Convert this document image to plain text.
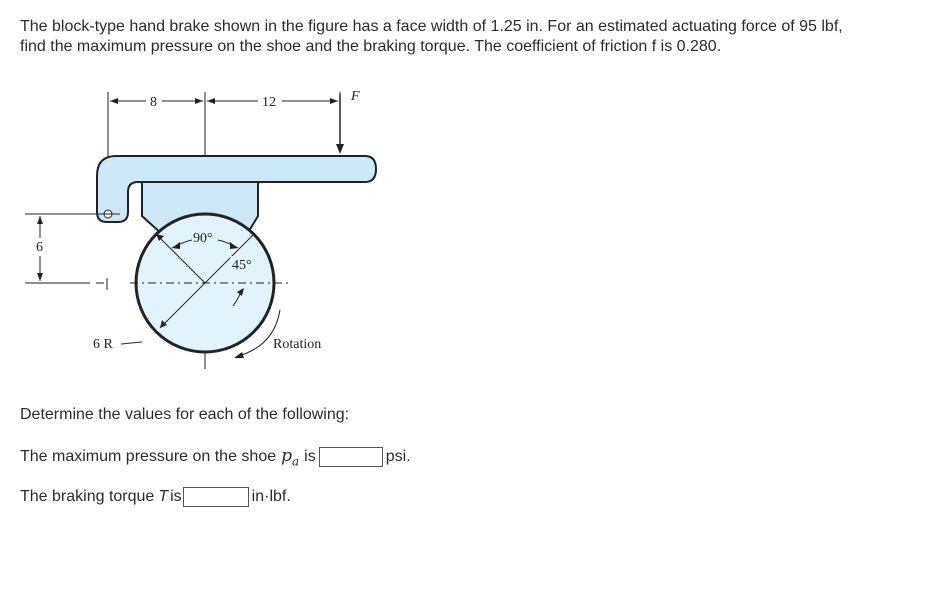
The block-type hand brake shown in the figure has a face width of 1.25 in. For an estimated actuating force of 95 lbf,
find the maximum pressure on the shoe and the braking torque. The coefficient of friction f is 0.280.
8	12	F
6
90°
45°
6 R	Rotation
Determine the values for each of the following:
The maximum pressure on the shoe $p_a$ is	psi.
The braking torque T is	in·lbf.
